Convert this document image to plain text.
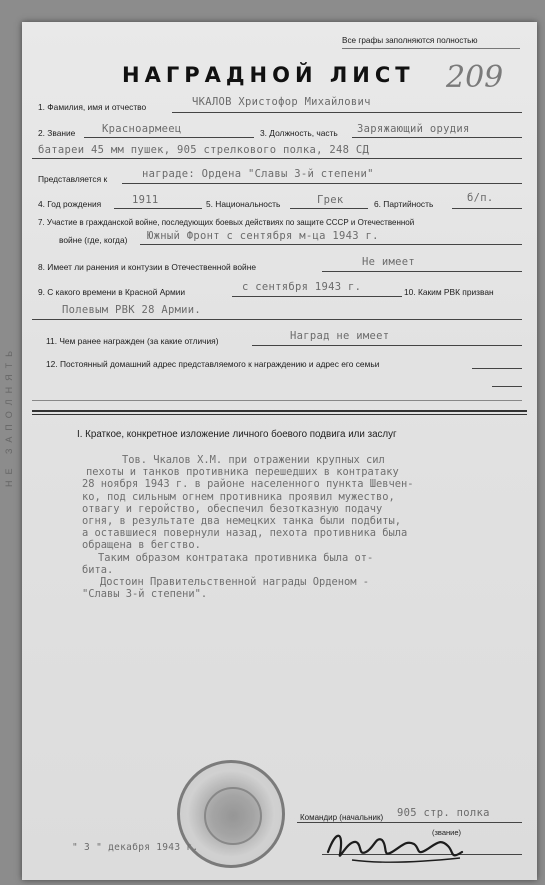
Все графы заполняются полностью
НАГРАДНОЙ ЛИСТ 209
1. Фамилия, имя и отчество	ЧКАЛОВ Христофор Михайлович
2. Звание	Красноармеец	3. Должность, часть Заряжающий орудия
батареи 45 мм пушек, 905 стрелкового полка, 248 СД
Представляется к	награде: Ордена "Славы 3-й степени"
4. Год рождения	1911	5. Национальность	Грек	6. Партийность	б/п.
7. Участие в гражданской войне, последующих боевых действиях по защите СССР и Отечественной
войне (где, когда) Южный Фронт с сентября м-ца 1943 г.
8. Имеет ли ранения и контузии в Отечественной войне	Не имеет
9. С какого времени в Красной Армии	с сентября 1943 г.	10. Каким РВК призван
Полевым РВК 28 Армии.
11. Чем ранее награжден (за какие отличия)	Наград не имеет
12. Постоянный домашний адрес представляемого к награждению и адрес его семьи
I. Краткое, конкретное изложение личного боевого подвига или заслуг
Тов. Чкалов Х.М. при отражении крупных сил
пехоты и танков противника перешедших в контратаку
28 ноября 1943 г. в районе населенного пункта Шевчен-
ко, под сильным огнем противника проявил мужество,
отвагу и геройство, обеспечил безотказную подачу
огня, в результате два немецких танка были подбиты,
а оставшиеся повернули назад, пехота противника была
обращена в бегство.
Таким образом контратака противника была от-
бита.
Достоин Правительственной награды Орденом -
"Славы 3-й степени".
Командир (начальник) 905 стр. полка
(звание)
" 3 " декабря 1943 г.
НЕ ЗАПОЛНЯТЬ
